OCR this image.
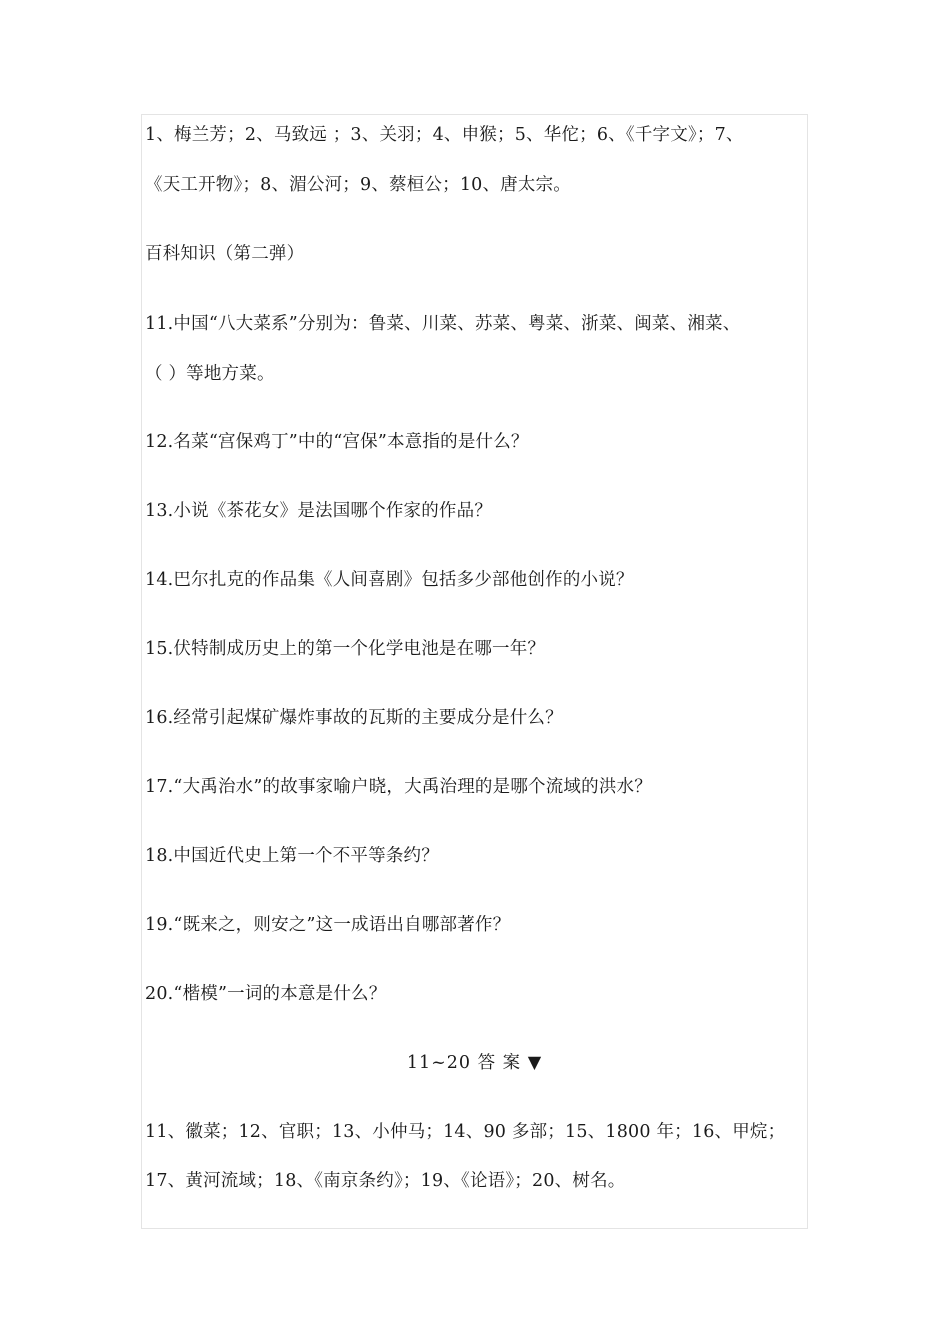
1、梅兰芳；2、马致远 ；3、关羽；4、申猴；5、华佗；6、《千字文》；7、
《天工开物》；8、湄公河；9、蔡桓公；10、唐太宗。
百科知识（第二弹）
11.中国“八大菜系”分别为：鲁菜、川菜、苏菜、粤菜、浙菜、闽菜、湘菜、
（ ）等地方菜。
12.名菜“宫保鸡丁”中的“宫保”本意指的是什么？
13.小说《茶花女》是法国哪个作家的作品？
14.巴尔扎克的作品集《人间喜剧》包括多少部他创作的小说？
15.伏特制成历史上的第一个化学电池是在哪一年？
16.经常引起煤矿爆炸事故的瓦斯的主要成分是什么？
17.“大禹治水”的故事家喻户晓，大禹治理的是哪个流域的洪水？
18.中国近代史上第一个不平等条约？
19.“既来之，则安之”这一成语出自哪部著作？
20.“楷模”一词的本意是什么？
11~20 答 案 ▼
11、徽菜；12、官职；13、小仲马；14、90 多部；15、1800 年；16、甲烷；
17、黄河流域；18、《南京条约》；19、《论语》；20、树名。
